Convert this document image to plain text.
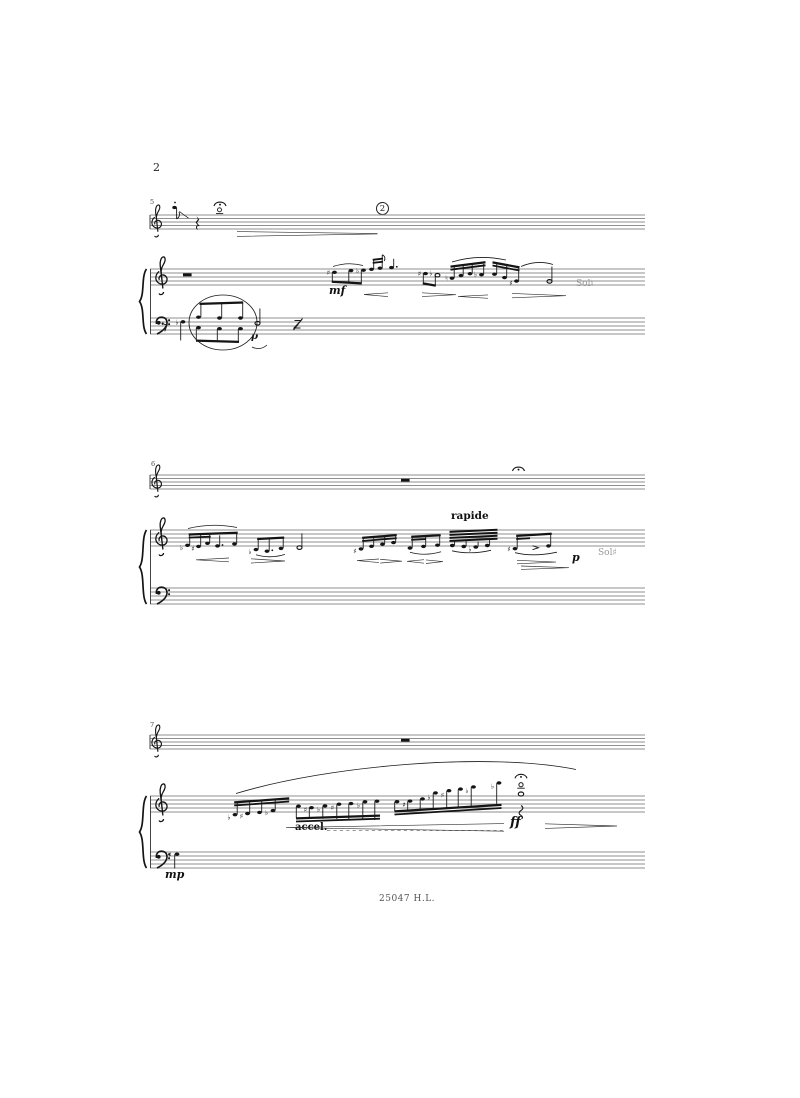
2
5
6
7
2
mf
p
Sol♮
rapide
p Sol♯
accel.	ff
mp
25047 H.L.
♯	♭	♯ ♭
♮	♭
♯
♭
♭ ♯	♭	♯	♭	♯
♭ ♯	♭	♯ ♭ ♯	♭	♯
♭ ♯
♭
♭
♯
